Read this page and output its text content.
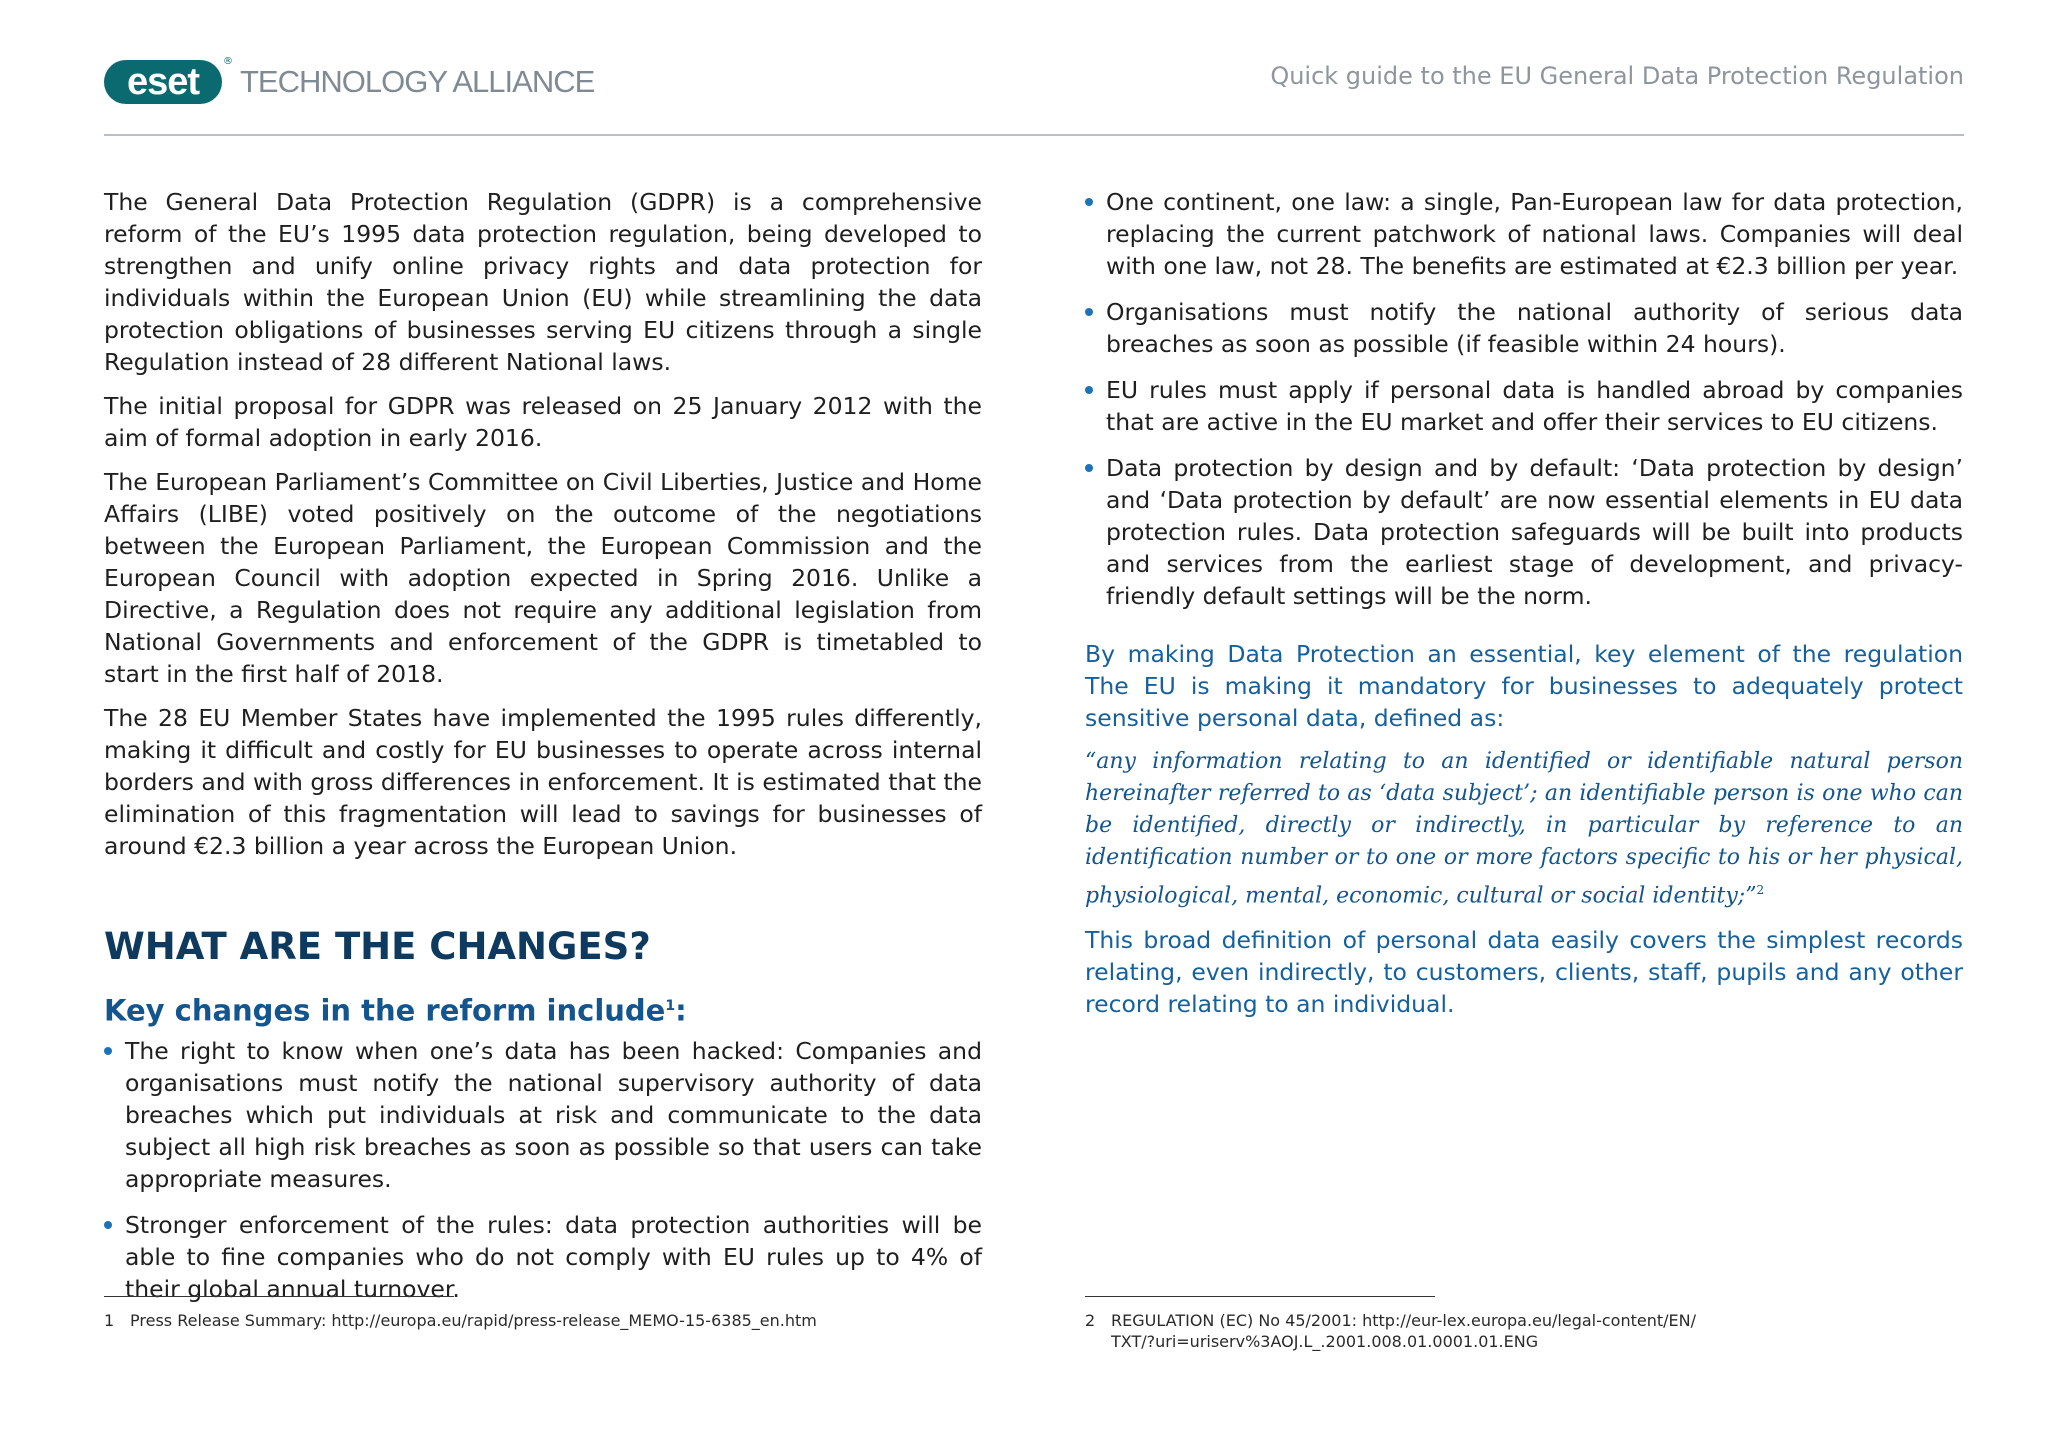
eset	®
TECHNOLOGY ALLIANCE	Quick guide to the EU General Data Protection Regulation

The General Data Protection Regulation (GDPR) is a comprehensive reform of the EU’s 1995 data protection regulation, being developed to strengthen and unify online privacy rights and data protection for individuals within the European Union (EU) while streamlining the data protection obligations of businesses serving EU citizens through a single Regulation instead of 28 different National laws.

The initial proposal for GDPR was released on 25 January 2012 with the aim of formal adoption in early 2016.

The European Parliament’s Committee on Civil Liberties, Justice and Home Affairs (LIBE) voted positively on the outcome of the negotiations between the European Parliament, the European Commission and the European Council with adoption expected in Spring 2016. Unlike a Directive, a Regulation does not require any additional legislation from National Governments and enforcement of the GDPR is timetabled to start in the first half of 2018.

The 28 EU Member States have implemented the 1995 rules differently, making it difficult and costly for EU businesses to operate across internal borders and with gross differences in enforcement. It is estimated that the elimination of this fragmentation will lead to savings for businesses of around €2.3 billion a year across the European Union.

WHAT ARE THE CHANGES?
Key changes in the reform include$^1$:
The right to know when one’s data has been hacked: Companies and organisations must notify the national supervisory authority of data breaches which put individuals at risk and communicate to the data subject all high risk breaches as soon as possible so that users can take appropriate measures.
Stronger enforcement of the rules: data protection authorities will be able to fine companies who do not comply with EU rules up to 4% of their global annual turnover.
One continent, one law: a single, Pan-European law for data protection, replacing the current patchwork of national laws. Companies will deal with one law, not 28. The benefits are estimated at €2.3 billion per year.
Organisations must notify the national authority of serious data breaches as soon as possible (if feasible within 24 hours).
EU rules must apply if personal data is handled abroad by companies that are active in the EU market and offer their services to EU citizens.
Data protection by design and by default: ‘Data protection by design’ and ‘Data protection by default’ are now essential elements in EU data protection rules. Data protection safeguards will be built into products and services from the earliest stage of development, and privacy-friendly default settings will be the norm.

By making Data Protection an essential, key element of the regulation The EU is making it mandatory for businesses to adequately protect sensitive personal data, defined as:

“any information relating to an identified or identifiable natural person hereinafter referred to as ‘data subject’; an identifiable person is one who can be identified, directly or indirectly, in particular by reference to an identification number or to one or more factors specific to his or her physical, physiological, mental, economic, cultural or social identity;”$^2$

This broad definition of personal data easily covers the simplest records relating, even indirectly, to customers, clients, staff, pupils and any other record relating to an individual.

1 Press Release Summary: http://europa.eu/rapid/press-release_MEMO-15-6385_en.htm	2 REGULATION (EC) No 45/2001: http://eur-lex.europa.eu/legal-content/EN/
TXT/?uri=uriserv%3AOJ.L_.2001.008.01.0001.01.ENG
